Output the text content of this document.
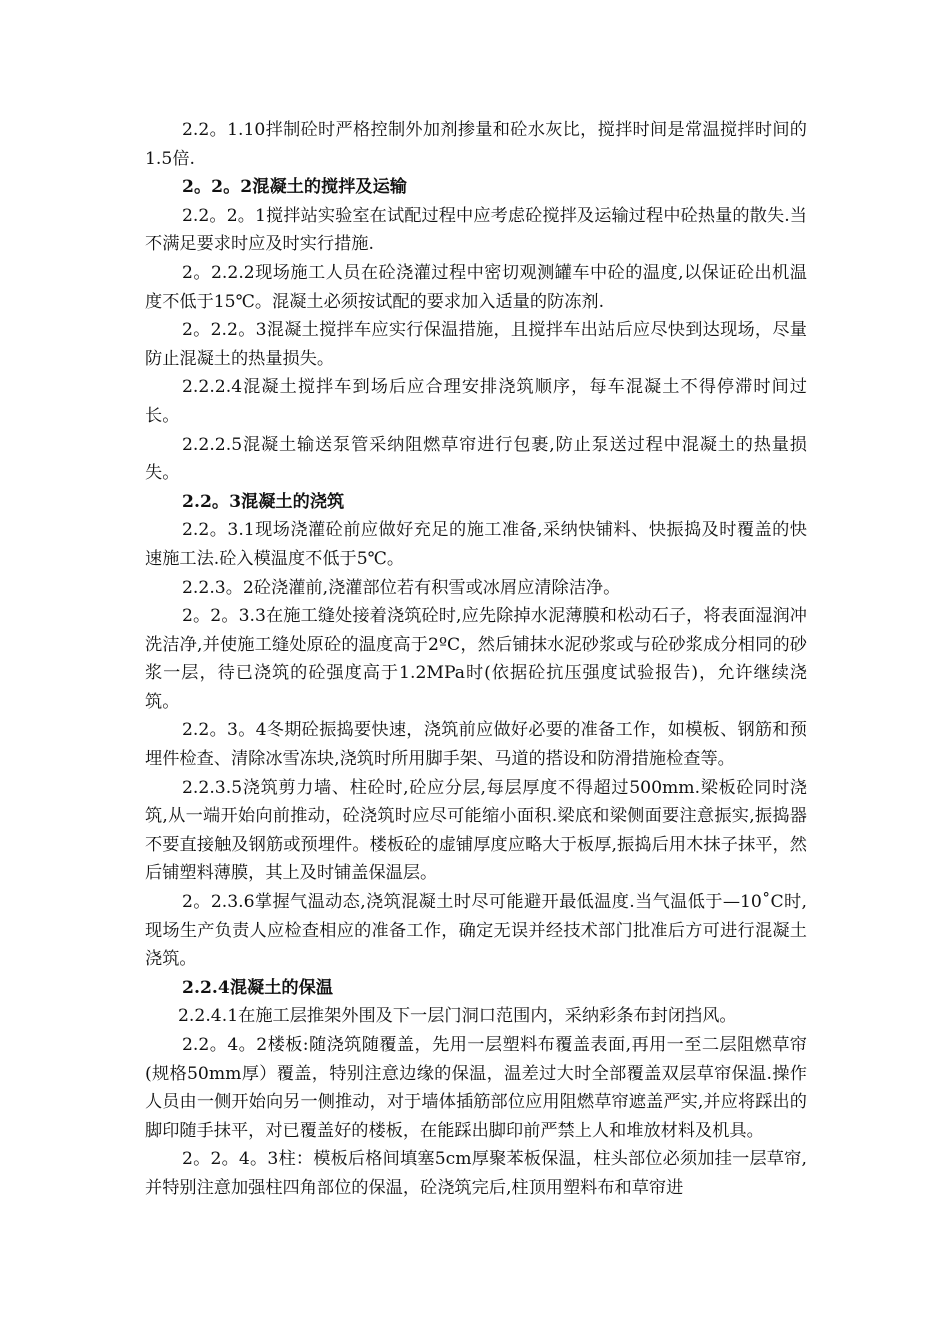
2.2。1.10拌制砼时严格控制外加剂掺量和砼水灰比，搅拌时间是常温搅拌时间的1.5倍.

2。2。2混凝土的搅拌及运输

2.2。2。1搅拌站实验室在试配过程中应考虑砼搅拌及运输过程中砼热量的散失.当不满足要求时应及时实行措施.

2。2.2.2现场施工人员在砼浇灌过程中密切观测罐车中砼的温度,以保证砼出机温度不低于15℃。混凝土必须按试配的要求加入适量的防冻剂.

2。2.2。3混凝土搅拌车应实行保温措施，且搅拌车出站后应尽快到达现场，尽量防止混凝土的热量损失。

2.2.2.4混凝土搅拌车到场后应合理安排浇筑顺序，每车混凝土不得停滞时间过长。

2.2.2.5混凝土输送泵管采纳阻燃草帘进行包裹,防止泵送过程中混凝土的热量损失。

2.2。3混凝土的浇筑

2.2。3.1现场浇灌砼前应做好充足的施工准备,采纳快铺料、快振捣及时覆盖的快速施工法.砼入模温度不低于5℃。

2.2.3。2砼浇灌前,浇灌部位若有积雪或冰屑应清除洁净。

2。2。3.3在施工缝处接着浇筑砼时,应先除掉水泥薄膜和松动石子，将表面湿润冲洗洁净,并使施工缝处原砼的温度高于2ºC，然后铺抹水泥砂浆或与砼砂浆成分相同的砂浆一层，待已浇筑的砼强度高于1.2MPa时(依据砼抗压强度试验报告)，允许继续浇筑。

2.2。3。4冬期砼振捣要快速，浇筑前应做好必要的准备工作，如模板、钢筋和预埋件检查、清除冰雪冻块,浇筑时所用脚手架、马道的搭设和防滑措施检查等。

2.2.3.5浇筑剪力墙、柱砼时,砼应分层,每层厚度不得超过500mm.梁板砼同时浇筑,从一端开始向前推动，砼浇筑时应尽可能缩小面积.梁底和梁侧面要注意振实,振捣器不要直接触及钢筋或预埋件。楼板砼的虚铺厚度应略大于板厚,振捣后用木抹子抹平，然后铺塑料薄膜，其上及时铺盖保温层。

2。2.3.6掌握气温动态,浇筑混凝土时尽可能避开最低温度.当气温低于—10˚C时,现场生产负责人应检查相应的准备工作，确定无误并经技术部门批准后方可进行混凝土浇筑。

2.2.4混凝土的保温

2.2.4.1在施工层推架外围及下一层门洞口范围内，采纳彩条布封闭挡风。

2.2。4。2楼板:随浇筑随覆盖，先用一层塑料布覆盖表面,再用一至二层阻燃草帘(规格50mm厚）覆盖，特别注意边缘的保温，温差过大时全部覆盖双层草帘保温.操作人员由一侧开始向另一侧推动，对于墙体插筋部位应用阻燃草帘遮盖严实,并应将踩出的脚印随手抹平，对已覆盖好的楼板，在能踩出脚印前严禁上人和堆放材料及机具。

2。2。4。3柱：模板后格间填塞5cm厚聚苯板保温，柱头部位必须加挂一层草帘,并特别注意加强柱四角部位的保温，砼浇筑完后,柱顶用塑料布和草帘进
